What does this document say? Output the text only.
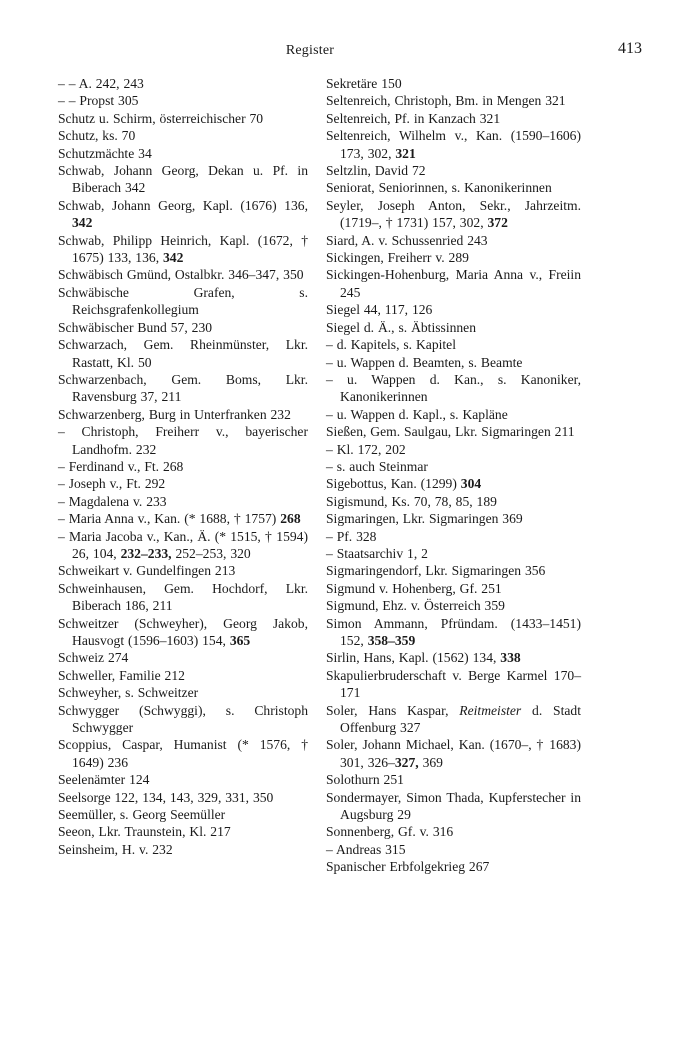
Register	413

– – A. 242, 243

– – Propst 305

Schutz u. Schirm, österreichischer 70

Schutz, ks. 70

Schutzmächte 34

Schwab, Johann Georg, Dekan u. Pf. in Biberach 342

Schwab, Johann Georg, Kapl. (1676) 136, 342

Schwab, Philipp Heinrich, Kapl. (1672, † 1675) 133, 136, 342

Schwäbisch Gmünd, Ostalbkr. 346–347, 350

Schwäbische Grafen, s. Reichsgrafenkollegium

Schwäbischer Bund 57, 230

Schwarzach, Gem. Rheinmünster, Lkr. Rastatt, Kl. 50

Schwarzenbach, Gem. Boms, Lkr. Ravensburg 37, 211

Schwarzenberg, Burg in Unterfranken 232

– Christoph, Freiherr v., bayerischer Landhofm. 232

– Ferdinand v., Ft. 268

– Joseph v., Ft. 292

– Magdalena v. 233

– Maria Anna v., Kan. (* 1688, † 1757) 268

– Maria Jacoba v., Kan., Ä. (* 1515, † 1594) 26, 104, 232–233, 252–253, 320

Schweikart v. Gundelfingen 213

Schweinhausen, Gem. Hochdorf, Lkr. Biberach 186, 211

Schweitzer (Schweyher), Georg Jakob, Hausvogt (1596–1603) 154, 365

Schweiz 274

Schweller, Familie 212

Schweyher, s. Schweitzer

Schwygger (Schwyggi), s. Christoph Schwygger

Scoppius, Caspar, Humanist (* 1576, † 1649) 236

Seelenämter 124

Seelsorge 122, 134, 143, 329, 331, 350

Seemüller, s. Georg Seemüller

Seeon, Lkr. Traunstein, Kl. 217

Seinsheim, H. v. 232

Sekretäre 150

Seltenreich, Christoph, Bm. in Mengen 321

Seltenreich, Pf. in Kanzach 321

Seltenreich, Wilhelm v., Kan. (1590–1606) 173, 302, 321

Seltzlin, David 72

Seniorat, Seniorinnen, s. Kanonikerinnen

Seyler, Joseph Anton, Sekr., Jahrzeitm. (1719–, † 1731) 157, 302, 372

Siard, A. v. Schussenried 243

Sickingen, Freiherr v. 289

Sickingen-Hohenburg, Maria Anna v., Freiin 245

Siegel 44, 117, 126

Siegel d. Ä., s. Äbtissinnen

– d. Kapitels, s. Kapitel

– u. Wappen d. Beamten, s. Beamte

– u. Wappen d. Kan., s. Kanoniker, Kanonikerinnen

– u. Wappen d. Kapl., s. Kapläne

Sießen, Gem. Saulgau, Lkr. Sigmaringen 211

– Kl. 172, 202

– s. auch Steinmar

Sigebottus, Kan. (1299) 304

Sigismund, Ks. 70, 78, 85, 189

Sigmaringen, Lkr. Sigmaringen 369

– Pf. 328

– Staatsarchiv 1, 2

Sigmaringendorf, Lkr. Sigmaringen 356

Sigmund v. Hohenberg, Gf. 251

Sigmund, Ehz. v. Österreich 359

Simon Ammann, Pfründam. (1433–1451) 152, 358–359

Sirlin, Hans, Kapl. (1562) 134, 338

Skapulierbruderschaft v. Berge Karmel 170–171

Soler, Hans Kaspar, Reitmeister d. Stadt Offenburg 327

Soler, Johann Michael, Kan. (1670–, † 1683) 301, 326–327, 369

Solothurn 251

Sondermayer, Simon Thada, Kupferstecher in Augsburg 29

Sonnenberg, Gf. v. 316

– Andreas 315

Spanischer Erbfolgekrieg 267
